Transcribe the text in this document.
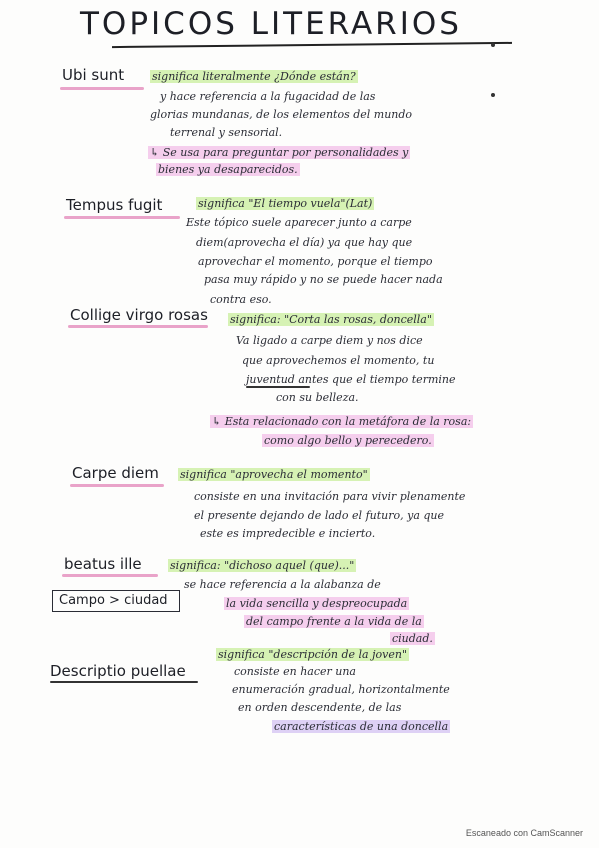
TOPICOS LITERARIOS
Ubi sunt	significa literalmente ¿Dónde están?
y hace referencia a la fugacidad de las
glorias mundanas, de los elementos del mundo
terrenal y sensorial.
↳ Se usa para preguntar por personalidades y
bienes ya desaparecidos.
Tempus fugit	significa "El tiempo vuela"(Lat)
Este tópico suele aparecer junto a carpe
diem(aprovecha el día) ya que hay que
aprovechar el momento, porque el tiempo
pasa muy rápido y no se puede hacer nada
contra eso.
Collige virgo rosas significa: "Corta las rosas, doncella"
Va ligado a carpe diem y nos dice
que aprovechemos el momento, tu
juventud antes que el tiempo termine
con su belleza.
↳ Esta relacionado con la metáfora de la rosa:
como algo bello y perecedero.
Carpe diem significa "aprovecha el momento"
consiste en una invitación para vivir plenamente
el presente dejando de lado el futuro, ya que
este es impredecible e incierto.
beatus ille	significa: "dichoso aquel (que)..."
se hace referencia a la alabanza de
la vida sencilla y despreocupada
del campo frente a la vida de la
ciudad.
Campo > ciudad
significa "descripción de la joven"
Descriptio puellae	consiste en hacer una
enumeración gradual, horizontalmente
en orden descendente, de las
características de una doncella
Escaneado con CamScanner
